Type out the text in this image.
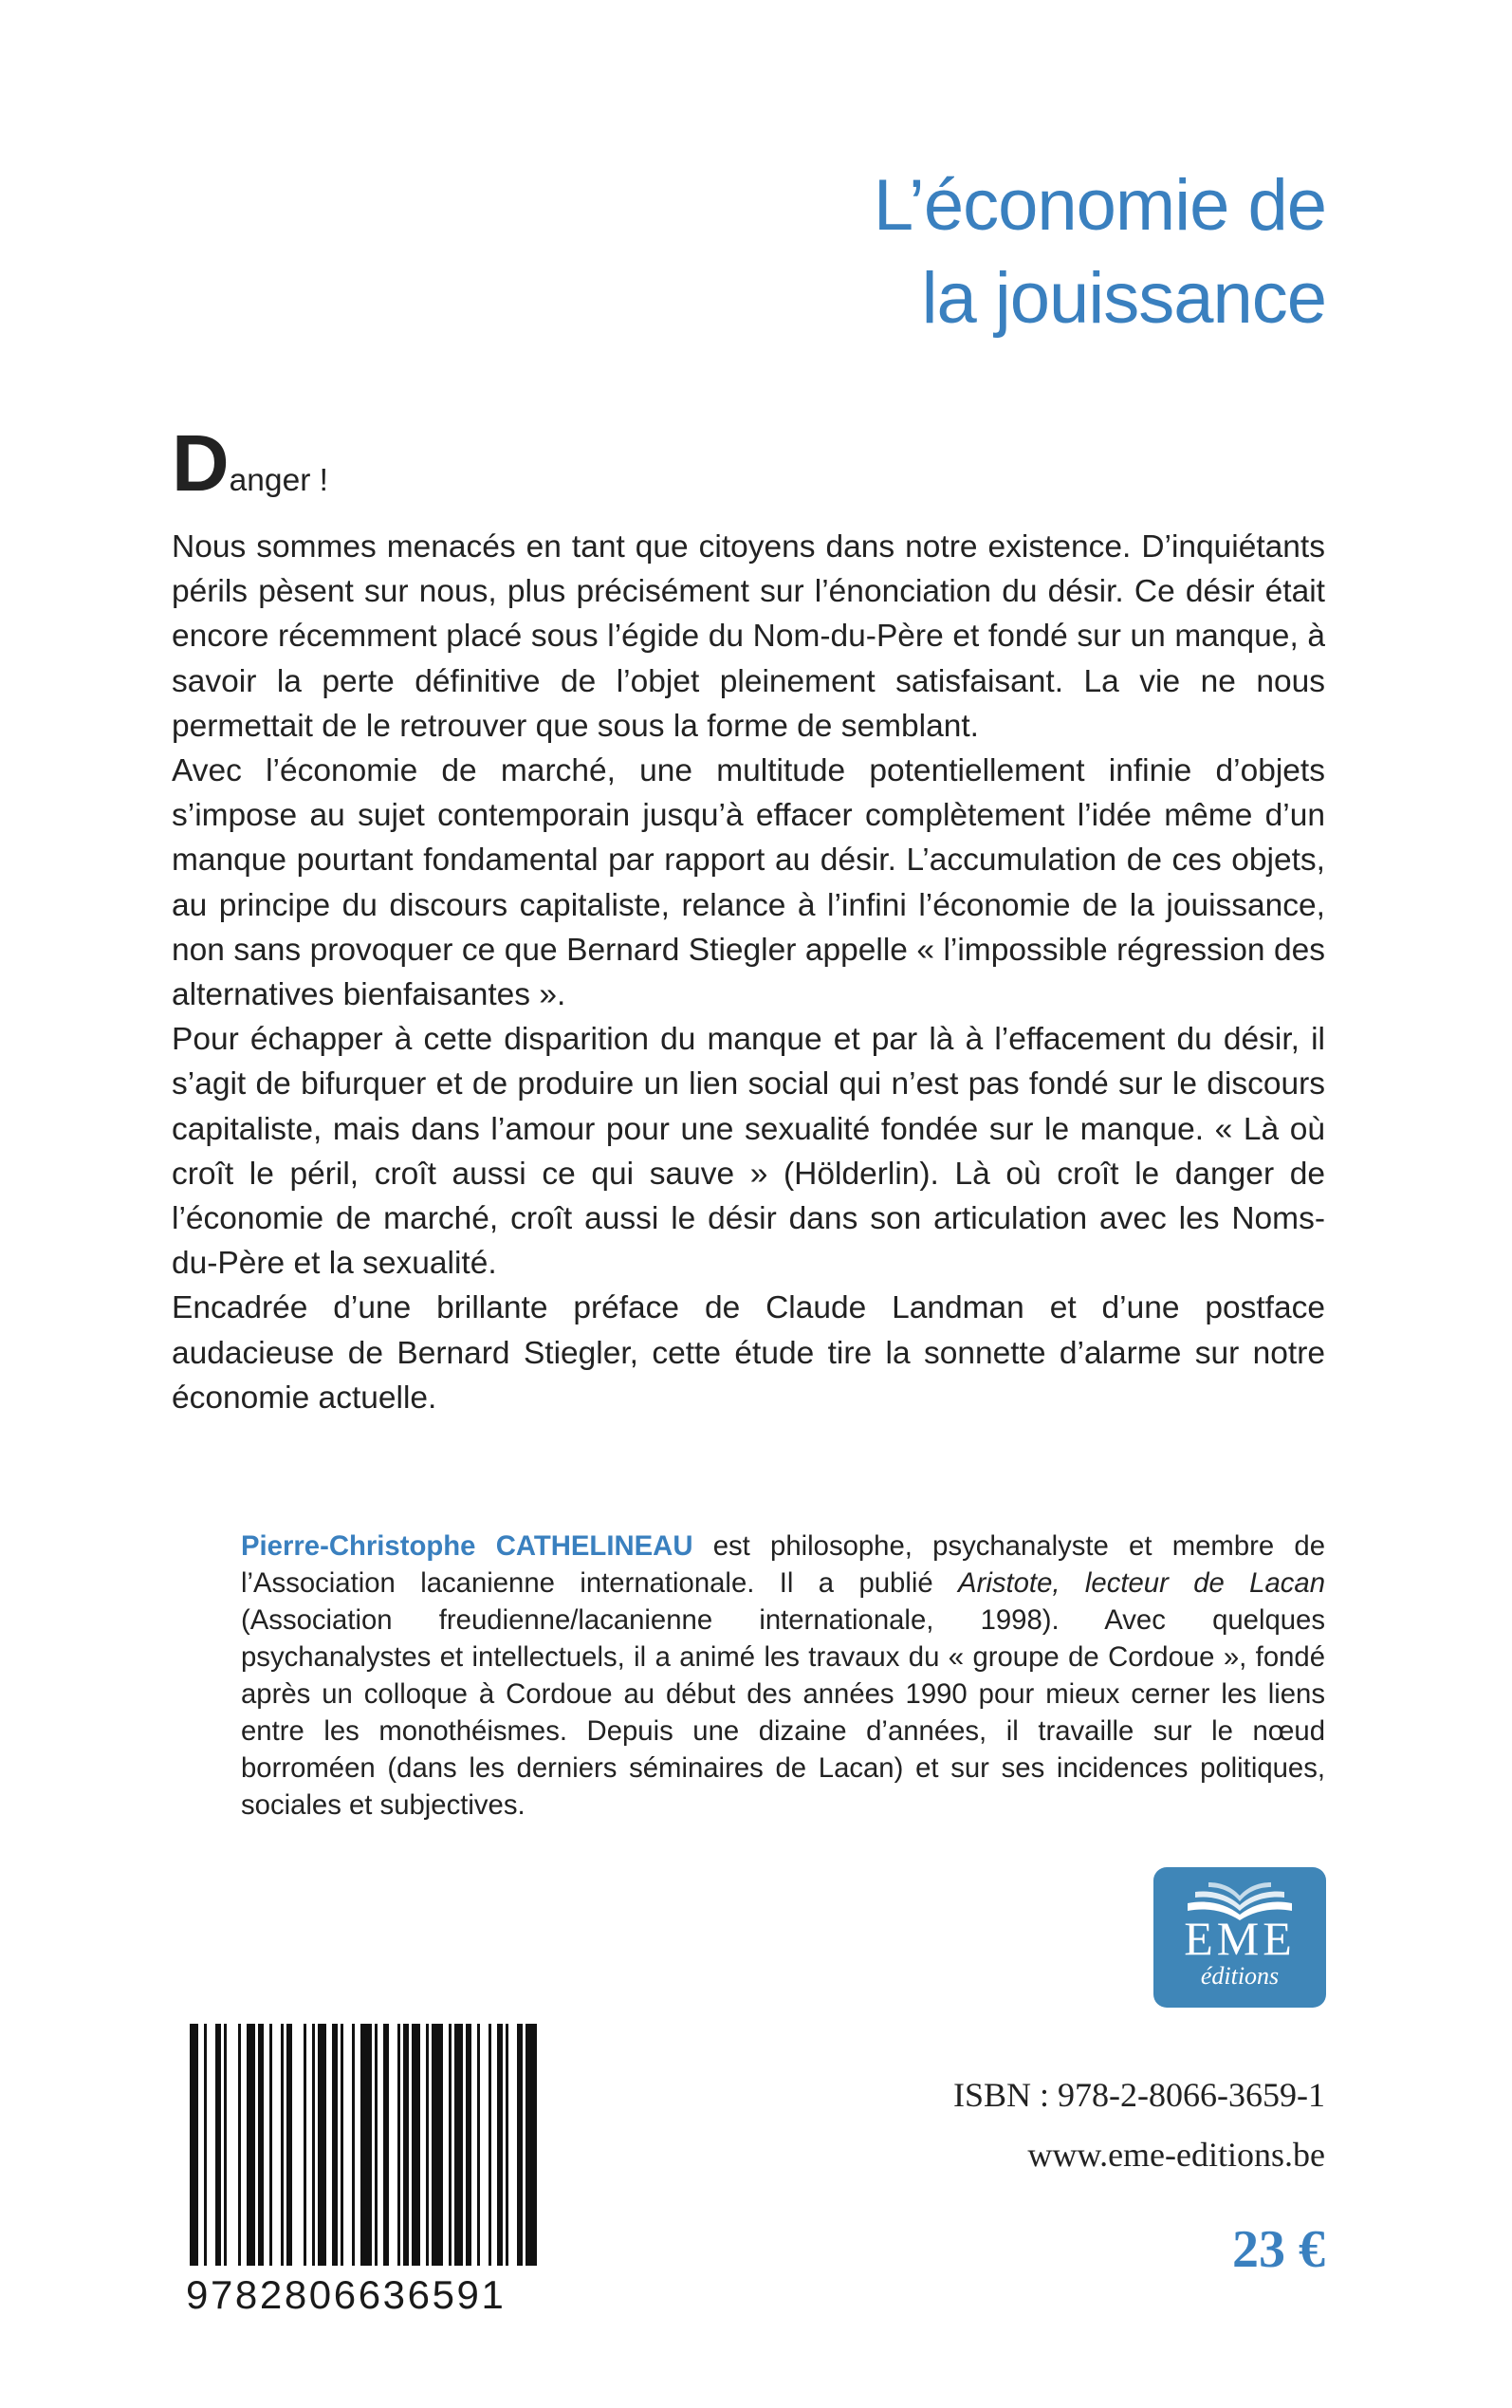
L’économie de
la jouissance

Danger !

Nous sommes menacés en tant que citoyens dans notre existence. D’inquiétants périls pèsent sur nous, plus précisément sur l’énonciation du désir. Ce désir était encore récemment placé sous l’égide du Nom-du-Père et fondé sur un manque, à savoir la perte définitive de l’objet pleinement satisfaisant. La vie ne nous permettait de le retrouver que sous la forme de semblant.

Avec l’économie de marché, une multitude potentiellement infinie d’objets s’impose au sujet contemporain jusqu’à effacer complètement l’idée même d’un manque pourtant fondamental par rapport au désir. L’accumulation de ces objets, au principe du discours capitaliste, relance à l’infini l’économie de la jouissance, non sans provoquer ce que Bernard Stiegler appelle « l’impossible régression des alternatives bienfaisantes ».

Pour échapper à cette disparition du manque et par là à l’effacement du désir, il s’agit de bifurquer et de produire un lien social qui n’est pas fondé sur le discours capitaliste, mais dans l’amour pour une sexualité fondée sur le manque. « Là où croît le péril, croît aussi ce qui sauve » (Hölderlin). Là où croît le danger de l’économie de marché, croît aussi le désir dans son articulation avec les Noms-du-Père et la sexualité.

Encadrée d’une brillante préface de Claude Landman et d’une postface audacieuse de Bernard Stiegler, cette étude tire la sonnette d’alarme sur notre économie actuelle.

Pierre-Christophe CATHELINEAU est philosophe, psychanalyste et membre de l’Association lacanienne internationale. Il a publié Aristote, lecteur de Lacan (Association freudienne/lacanienne internationale, 1998). Avec quelques psychanalystes et intellectuels, il a animé les travaux du « groupe de Cordoue », fondé après un colloque à Cordoue au début des années 1990 pour mieux cerner les liens entre les monothéismes. Depuis une dizaine d’années, il travaille sur le nœud borroméen (dans les derniers séminaires de Lacan) et sur ses incidences politiques, sociales et subjectives.

EME
éditions
9782806636591
ISBN : 978-2-8066-3659-1
www.eme-editions.be
23 €
